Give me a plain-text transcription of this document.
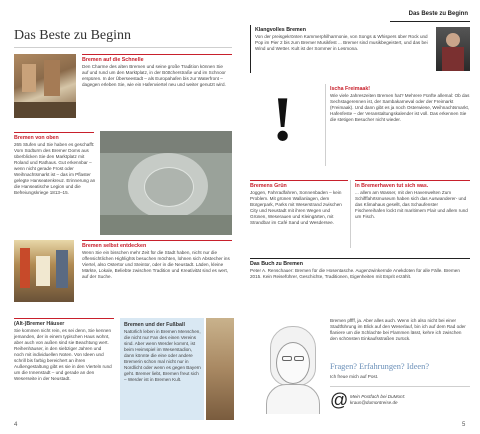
Das Beste zu Beginn
Bremen auf die Schnelle
Den Charme des alten Bremen und seine große Tradition können Sie auf und rund um den Marktplatz, in der Böttcherstraße und im Schnoor erspüren. In der Überseestadt – als Europahafen bis zur Waterfront – dagegen erleben Sie, wie ein Hafenviertel neu und weiter genutzt wird.
Bremen von oben
265 Stufen und Sie haben es geschafft: Vom Südturm des Bremer Doms aus überblicken Sie den Marktplatz mit Roland und Rathaus. Gut erkennbar – wenn nicht gerade Frost oder Weihnachtsmarkt ist – das im Pflaster gelegte Hanseatenkreuz. Erinnerung an die Hanseatische Legion und die Befreiungskriege 1813–15.
Bremen selbst entdecken
Wenn Sie ein bisschen mehr Zeit für die Stadt haben, nicht nur die offensichtlichen Highlights besuchen möchten, lohnen sich Abstecher ins Viertel, also Ostertor und Steintor, oder in die Neustadt. Läden, kleine Märkte, Lokale, Beliebte zwischen Tradition und Kreativität sind es wert, auf der Suche.
(Alt-)Bremer Häuser
Sie kommen nicht rein, es sei denn, Sie kennen jemanden, der in einem typischen Haus wohnt, aber auch von außen sind sie Beachtung wert. Reihenhäuser, in den siebziger Jahren und noch mit individuellen Noten. Von Ideen und schrill bis farbig bereichert an ihren Außengestaltung gibt es sie in den Vierteln rund um die Innenstadt – und gerade an den Weserseite in der Neustadt.
Bremen und der Fußball
Natürlich leben in Bremen Menschen, die nicht nur Fan des einen Vereins sind. Aber wenn Werder kommt, ist beim Heimspiel im Weserstadion, dann könnte die eine oder andere Bremerin schon mal nicht nur in Nordlicht oder wenn es gegen Bayern geht. Bremer liebt, Bremen freut sich – Werder ist in Bremen Kult.
4
Das Beste zu Beginn
Klangvolles Bremen
Von der preisgekrönten Kammerphilharmonie, von Songs & Whispers über Rock und Pop im Pier 2 bis zum Bremer Musikfest ... Bremer sind musikbegeistert, und das bei Wind und Wetter. Kult ist der Sommer in Lesmona.
!	Ischa Freimaak!
Wie viele Jahreszeiten Bremen hat? Mehrere Fünfte allemal: Ob das Sechstagerennen ist, der Sambakarneval oder der Freimarkt (Freimaak). Und dann gibt es ja noch Osterwiese, Weihnachtsmarkt, Hafenfeste – der Veranstaltungskalender ist voll. Das erkennen Sie die stetigen Besucher nicht wieder.
Bremens Grün
Joggen, Fahrradfahren, Sonnenbaden – kein Problem. Mit grünen Wallanlagen, dem Bürgerpark, Parks mit Weserstrand zwischen City und Neustadt mit ihren Wegen und Grünen, Weserauen und Kleingärten, mit Strandbar im Café Sand und Wesdersee.
In Bremerhaven tut sich was.
... allem am Wasser, mit den Havenwelten Zum Schifffahrtsmuseum haben sich das Auswanderer- und das Klimahaus gesellt, das Schaufenster Fischereihafen lockt mit maritimem Flair und allem rund um Fisch.
Das Buch zu Bremen
Peter A. Renschauer: Bremen für die Hosentasche. Augenzwinkernde Anekdoten für alle Fälle. Bremen 2015. Kein Reiseführer, Geschichte, Traditionen, Eigenheiten mit Esprit erzählt.
Bremen pffff, ja. Aber alles auch. Wenn ich also nicht bei einer Stadtführung im Blick auf den Weserlauf, bin ich auf dem Rad oder flaniere um die Schlachte bei Flammen lässt, kehre ich zwischen den schönsten Einkaufsstraßen zurück.
Fragen? Erfahrungen? Ideen?
Ich freue mich auf Post.
@ Mein Postfach bei DuMont:
kraus@dumontreise.de
5
